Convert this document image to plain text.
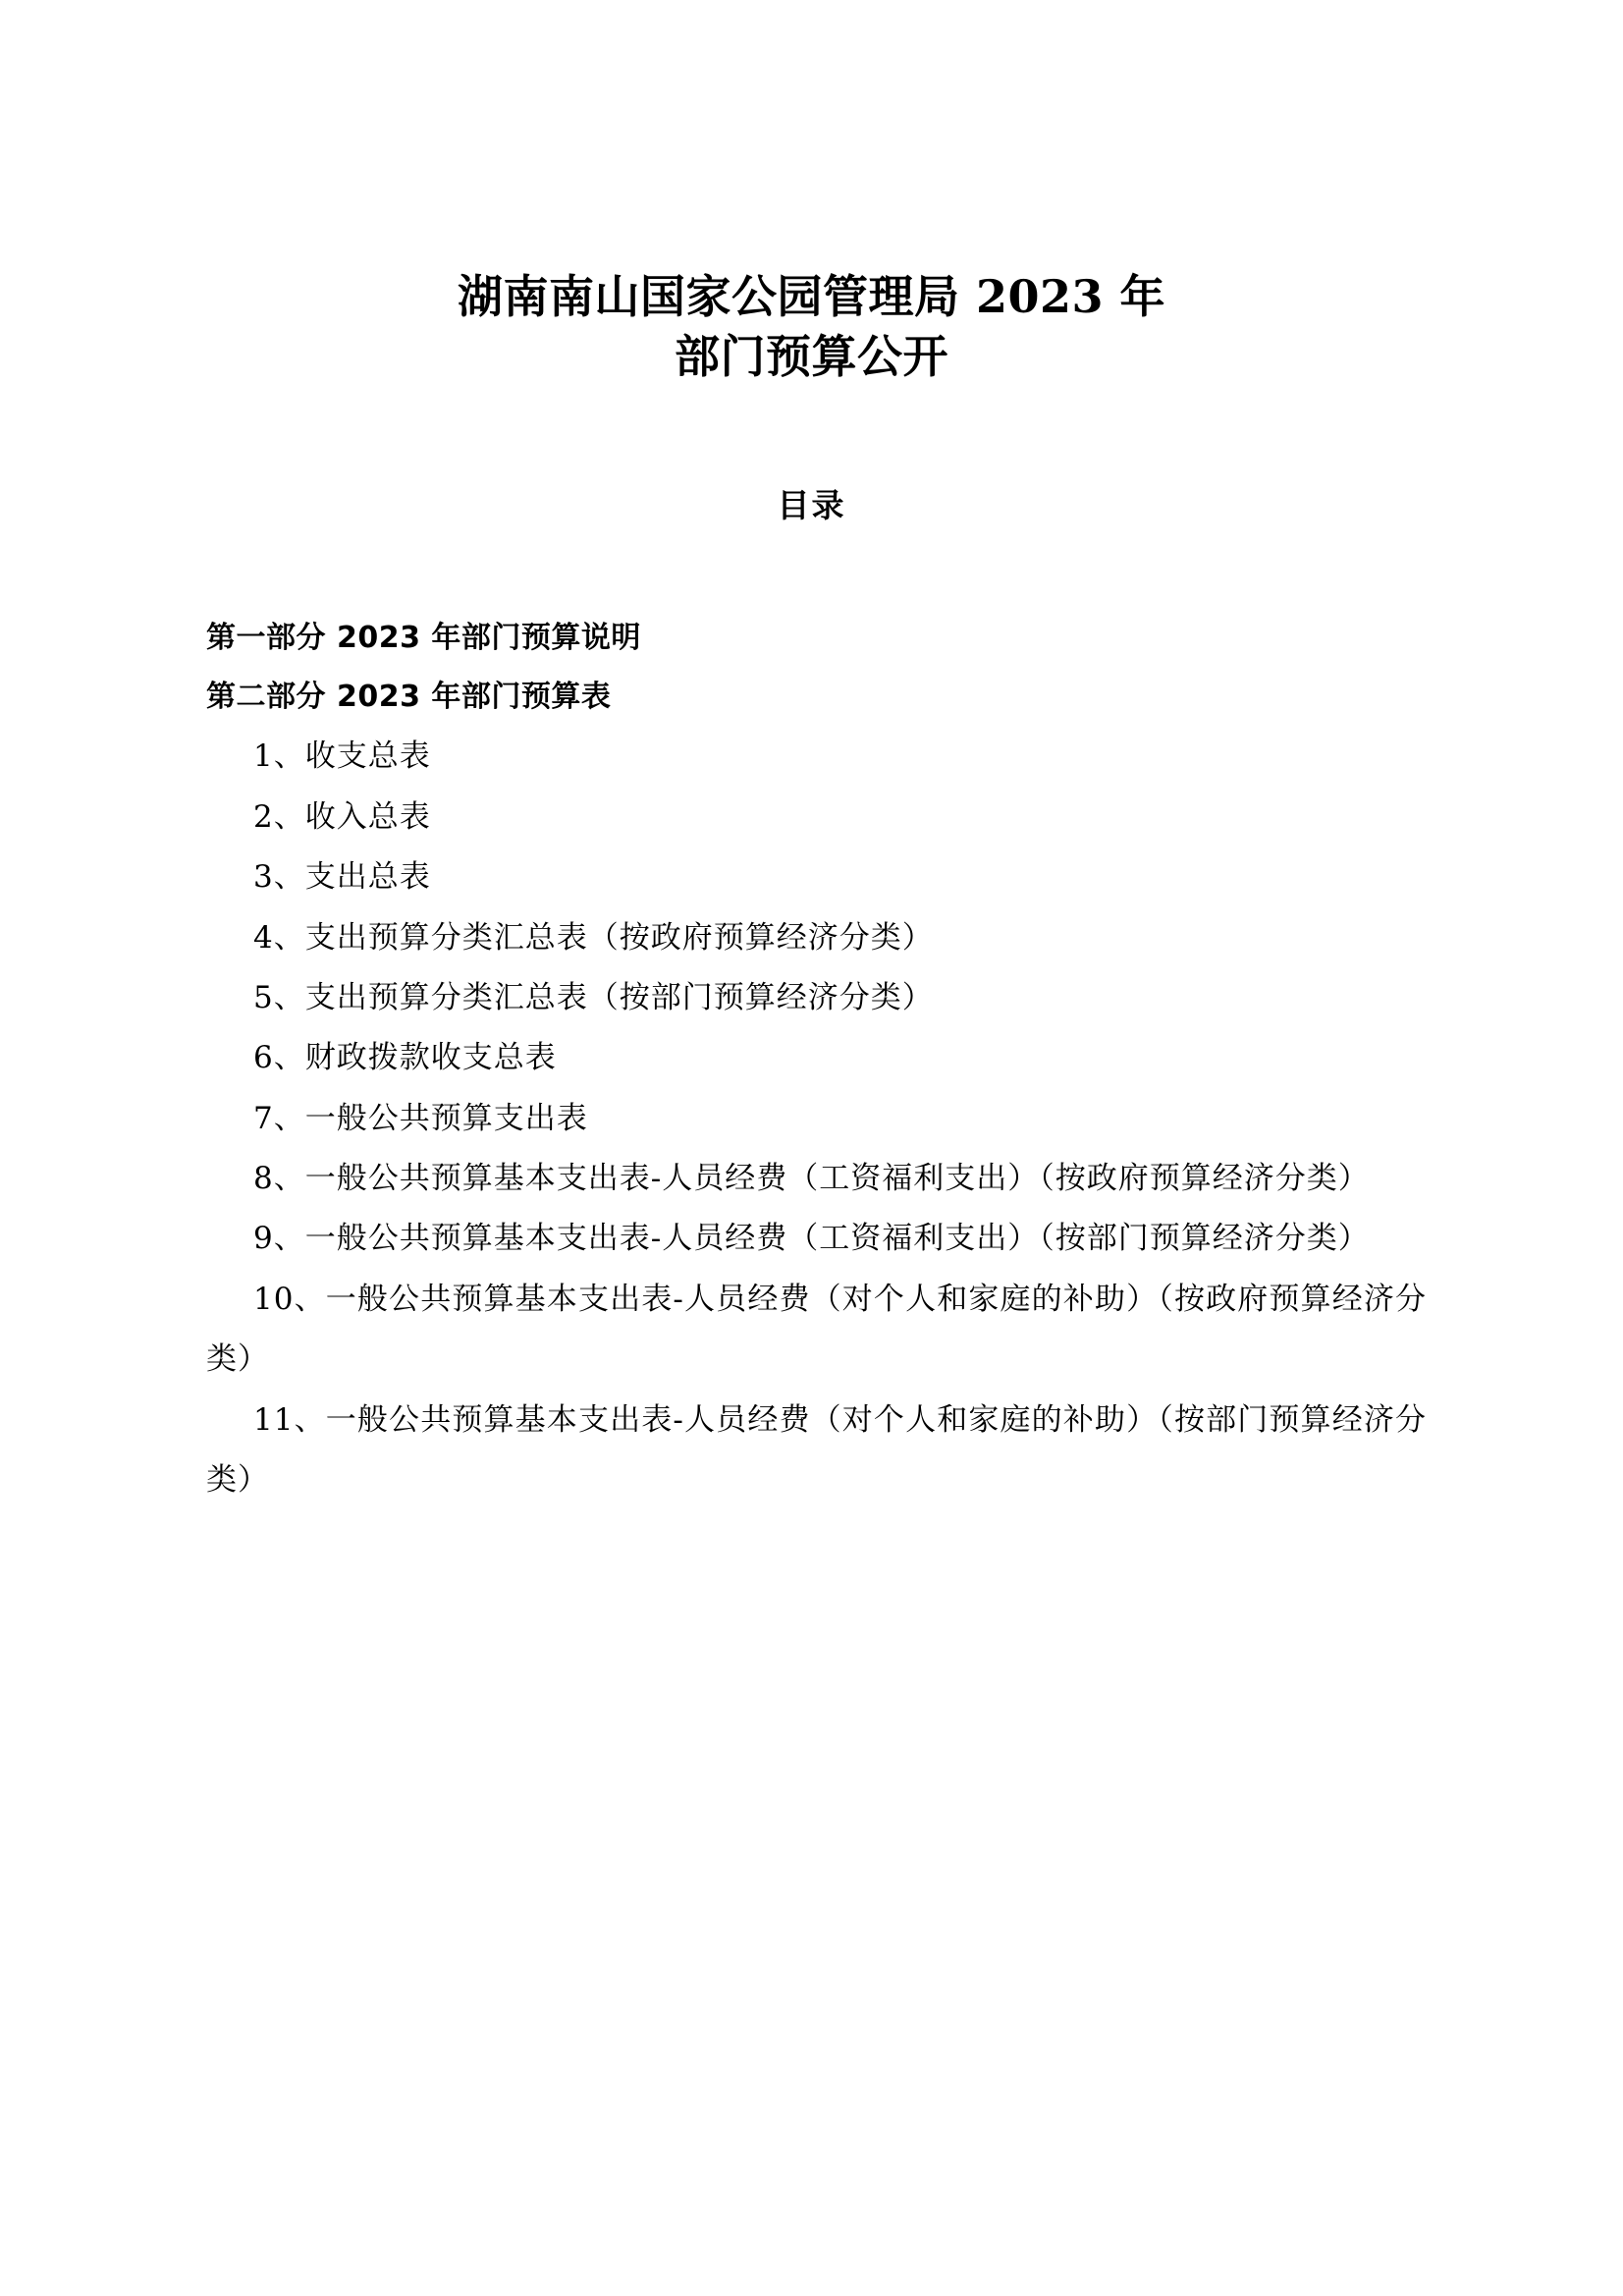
湖南南山国家公园管理局 2023 年
部门预算公开
目录
第一部分 2023 年部门预算说明
第二部分 2023 年部门预算表
1、收支总表
2、收入总表
3、支出总表
4、支出预算分类汇总表（按政府预算经济分类）
5、支出预算分类汇总表（按部门预算经济分类）
6、财政拨款收支总表
7、一般公共预算支出表
8、一般公共预算基本支出表-人员经费（工资福利支出）（按政府预算经济分类）
9、一般公共预算基本支出表-人员经费（工资福利支出）（按部门预算经济分类）
10、一般公共预算基本支出表-人员经费（对个人和家庭的补助）（按政府预算经济分类）
11、一般公共预算基本支出表-人员经费（对个人和家庭的补助）（按部门预算经济分类）
